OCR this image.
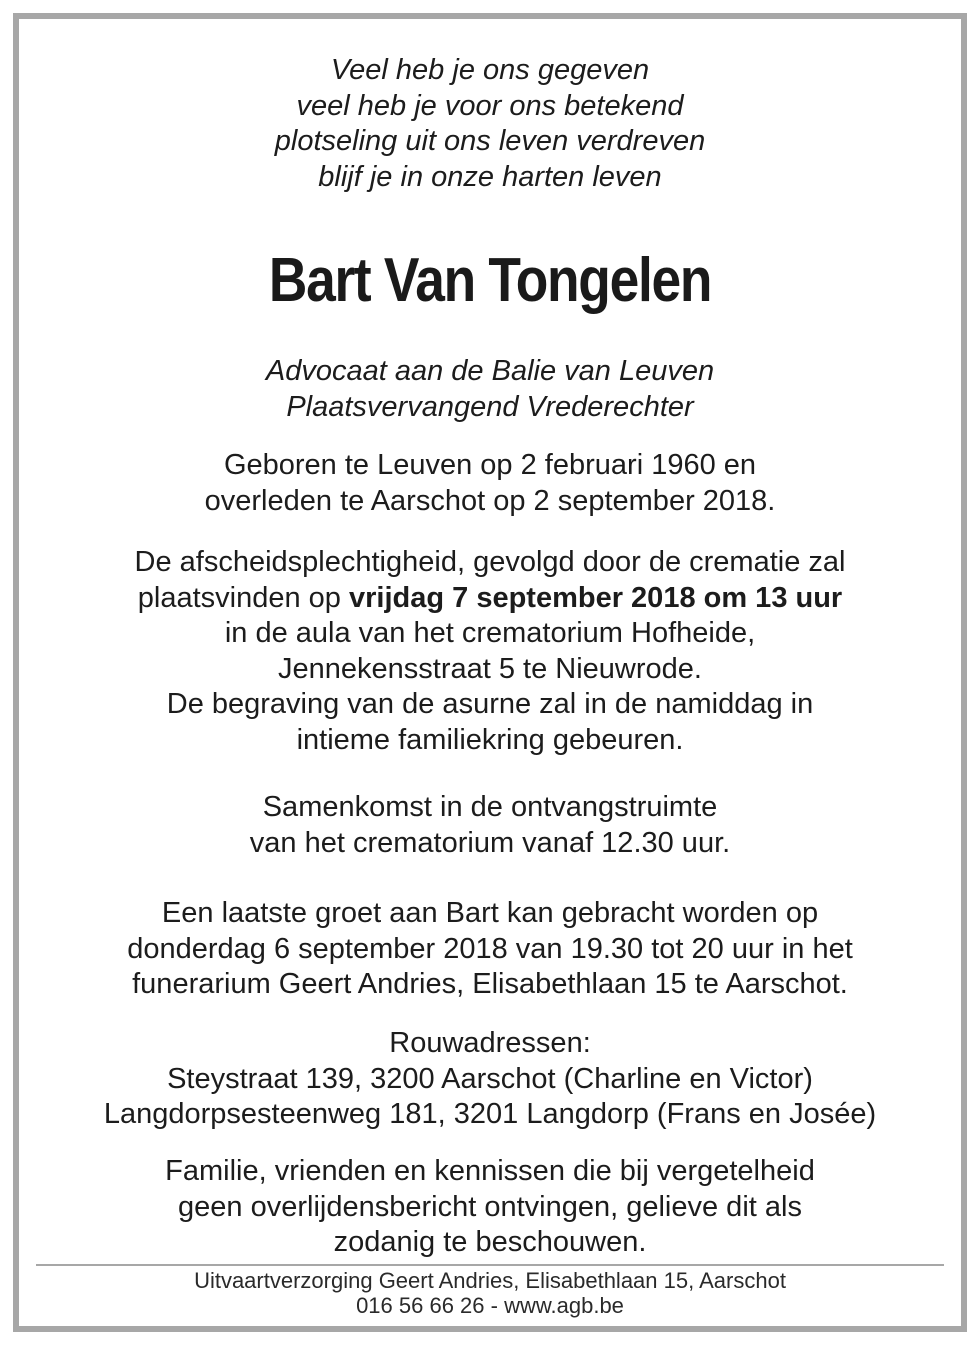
Veel heb je ons gegeven
veel heb je voor ons betekend
plotseling uit ons leven verdreven
blijf je in onze harten leven
Bart Van Tongelen
Advocaat aan de Balie van Leuven
Plaatsvervangend Vrederechter
Geboren te Leuven op 2 februari 1960 en
overleden te Aarschot op 2 september 2018.
De afscheidsplechtigheid, gevolgd door de crematie zal
plaatsvinden op vrijdag 7 september 2018 om 13 uur
in de aula van het crematorium Hofheide,
Jennekensstraat 5 te Nieuwrode.
De begraving van de asurne zal in de namiddag in
intieme familiekring gebeuren.
Samenkomst in de ontvangstruimte
van het crematorium vanaf 12.30 uur.
Een laatste groet aan Bart kan gebracht worden op
donderdag 6 september 2018 van 19.30 tot 20 uur in het
funerarium Geert Andries, Elisabethlaan 15 te Aarschot.
Rouwadressen:
Steystraat 139, 3200 Aarschot (Charline en Victor)
Langdorpsesteenweg 181, 3201 Langdorp (Frans en Josée)
Familie, vrienden en kennissen die bij vergetelheid
geen overlijdensbericht ontvingen, gelieve dit als
zodanig te beschouwen.
Uitvaartverzorging Geert Andries, Elisabethlaan 15, Aarschot
016 56 66 26 - www.agb.be
